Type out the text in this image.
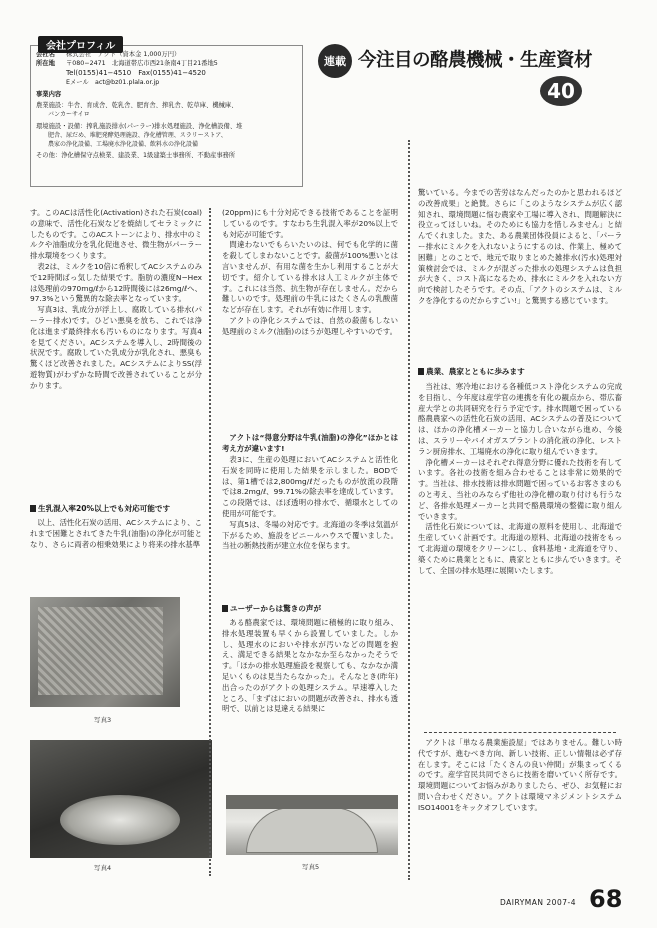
会社プロフィル
会社名 株式会社　アクト（資本金 1,000万円）
所在地 〒080−2471　北海道帯広市西21条南4丁目21番地5
Tel(0155)41−4510　Fax(0155)41−4520
Eメール　act@bz01.plala.or.jp
事業内容
農業施設：牛舎、育成舎、乾乳舎、肥育舎、搾乳舎、乾草庫、機械庫、
バンカーサイロ
環境施設・設備：搾乳施設排水(パーラー)排水処理施設、浄化槽設備、堆
肥舎、尿だめ、堆肥発酵処理施設、浄化槽管理、スラリーストア、
農家の浄化設備、工場廃水浄化設備、飲料水の浄化設備
その他：浄化槽保守点検業、建設業、1級建築士事務所、不動産事務所
連載 今注目の酪農機械・生産資材
40

驚いている。今までの苦労はなんだったのかと思われるほどの改善成果」と絶賛。さらに「このようなシステムが広く認知され、環境問題に悩む農家や工場に導入され、問題解決に役立ってほしいね。そのためにも協力を惜しみません」と結んでくれました。また、ある農業団体役員によると、「パーラー排水にミルクを入れないようにするのは、作業上、極めて困難」とのことで、地元で取りまとめた雑排水(汚水)処理対策検討会では、ミルクが混ざった排水の処理システムは負担が大きく、コスト高になるため、排水にミルクを入れない方向で検討したそうです。その点、「アクトのシステムは、ミルクを浄化するのだからすごい!」と驚異する感じています。

す。このACは活性化(Activation)された石炭(coal)の意味で、活性化石炭などを焼結してセラミックにしたものです。このACストーンにより、排水中のミルクや油脂成分を乳化促進させ、微生物がパーラー排水環境をつくります。

表2は、ミルクを10倍に希釈してACシステムのみで12時間ばっ気した結果です。脂肪の濃度N−Hexは処理前の970mg/ℓから12時間後には26mg/ℓへ、97.3%という驚異的な除去率となっています。

写真3は、乳成分が浮上し、腐敗している排水(パーラー排水)です。ひどい悪臭を放ち、これでは浄化は進まず最終排水も汚いものになります。写真4を見てください。ACシステムを導入し、2時間後の状況です。腐敗していた乳成分が乳化され、悪臭も驚くほど改善されました。ACシステムによりSS(浮遊物質)がわずかな時間で改善されていることが分かります。

生乳混入率20%以上でも対応可能です

以上、活性化石炭の活用、ACシステムにより、これまで困難とされてきた牛乳(油脂)の浄化が可能となり、さらに両者の相乗効果により将来の排水基準

写真3
写真4

(20ppm)にも十分対応できる技術であることを証明しているのです。すなわち生乳混入率が20%以上でも対応が可能です。

問違わないでもらいたいのは、何でも化学的に菌を殺してしまわないことです。殺菌が100%悪いとは言いませんが、有用な菌を生かし利用することが大切です。紹介している排水は人工ミルクが主体です。これには当然、抗生物が存在しません。だから難しいのです。処理前の牛乳にはたくさんの乳酸菌などが存在します。それが有効に作用します。

アクトの浄化システムでは、自然の殺菌もしない処理前のミルク(油脂)のほうが処理しやすいのです。

アクトは“得意分野は牛乳(油脂)の浄化”ほかとは考え方が違います!

表3に、生産の処理においてACシステムと活性化石炭を同時に使用した結果を示しました。BODでは、第1槽では2,800mg/ℓだったものが放流の段階では8.2mg/ℓ、99.71%の除去率を達成しています。この段階では、ほぼ透明の排水で、循環水としての使用が可能です。

写真5は、冬場の対応です。北海道の冬季は気温が下がるため、施設をビニールハウスで覆いました。当社の断熱技術が建立水位を保ちます。

ユーザーからは驚きの声が

ある酪農家では、環境問題に積極的に取り組み、排水処理装置も早くから設置していました。しかし、処理水のにおいや排水が汚いなどの問題を抱え、満足できる結果となかなか至らなかったそうです。「ほかの排水処理施設を視察しても、なかなか満足いくものは見当たらなかった」。そんなとき(昨年)出合ったのがアクトの処理システム。早速導入したところ、「まずはにおいの問題が改善され、排水も透明で、以前とは見違える結果に

写真5
農業、農家とともに歩みます

当社は、寒冷地における各種低コスト浄化システムの完成を目指し、今年度は産学官の連携を有化の観点から、帯広畜産大学との共同研究を行う予定です。排水問題で困っている酪農農家への活性化石炭の活用、ACシステムの普及については、ほかの浄化槽メーカーと協力し合いながら進め、今後は、スラリーやバイオガスプラントの消化液の浄化、レストラン厨房排水、工場廃水の浄化に取り組んでいきます。

浄化槽メーカーはそれぞれ得意分野に優れた技術を有しています。各社の技術を組み合わせることは非常に効果的です。当社は、排水技術は排水問題で困っているお客さまのものと考え、当社のみならず他社の浄化槽の取り付けも行うなど、各排水処理メーカーと共同で酪農環境の整備に取り組んでいきます。

活性化石炭については、北海道の原料を使用し、北海道で生産していく計画です。北海道の原料、北海道の技術をもって北海道の環境をクリーンにし、食料基地・北海道を守り、築くために農業とともに、農家とともに歩んでいきます。そして、全国の排水処理に展開いたします。

アクトは「単なる農業施設屋」ではありません。難しい時代ですが、進むべき方向、新しい技術、正しい情報は必ず存在します。そこには「たくさんの良い仲間」が集まってくるのです。産学官民共同でさらに技術を磨いていく所存です。環境問題についてお悩みがありましたら、ぜひ、お気軽にお問い合わせください。アクトは環境マネジメントシステムISO14001をキックオフしています。

DAIRYMAN 2007-4 68
